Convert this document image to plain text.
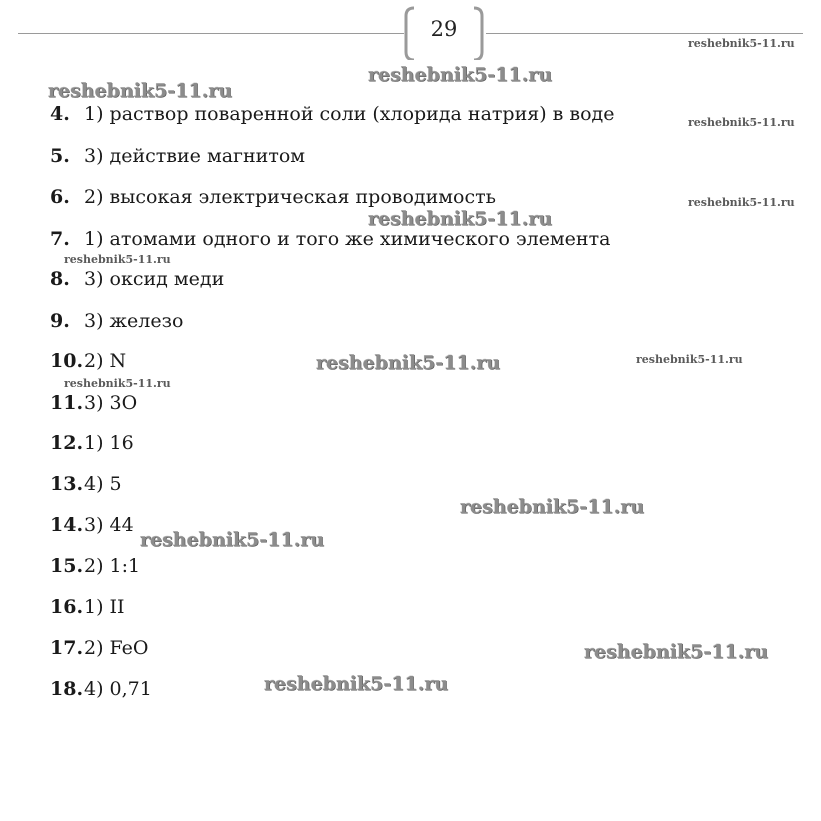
29
4. 1) раствор поваренной соли (хлорида натрия) в воде
5. 3) действие магнитом
6. 2) высокая электрическая проводимость
7. 1) атомами одного и того же химического элемента
8. 3) оксид меди
9. 3) железо
10.2) N
11.3) 3O
12.1) 16
13.4) 5
14.3) 44
15.2) 1:1
16.1) II
17.2) FeO
18.4) 0,71
reshebnik5-11.ru
reshebnik5-11.ru
reshebnik5-11.ru
reshebnik5-11.ru
reshebnik5-11.ru
reshebnik5-11.ru
reshebnik5-11.ru
reshebnik5-11.ru	reshebnik5-11.ru
reshebnik5-11.ru
reshebnik5-11.ru
reshebnik5-11.ru
reshebnik5-11.ru
reshebnik5-11.ru
